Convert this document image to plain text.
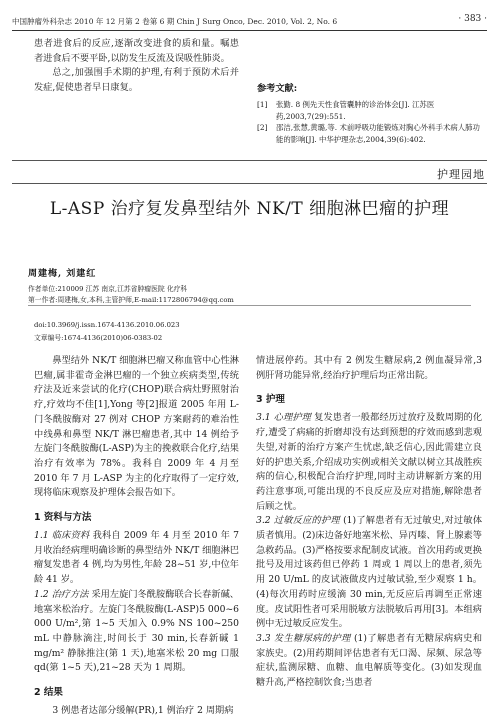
中国肿瘤外科杂志 2010 年 12 月第 2 卷第 6 期 Chin J Surg Onco, Dec. 2010, Vol. 2, No. 6	· 383 ·

患者进食后的反应,逐渐改变进食的质和量。嘱患者进食后不要平卧,以防发生反流及误吸性肺炎。

总之,加强围手术期的护理,有利于预防术后并发症,促使患者早日康复。	参考文献:
[1]	张勤. 8 例先天性食管囊肿的诊治体会[J]. 江苏医药,2003,7(29):551.
[2]	邵洁,张慧,黄璐,等. 术前呼吸功能锻炼对胸心外科手术病人肺功能的影响[J]. 中华护理杂志,2004,39(6):402.
护理园地
L-ASP 治疗复发鼻型结外 NK/T 细胞淋巴瘤的护理
周建梅, 刘建红
作者单位:210009 江苏 南京,江苏省肿瘤医院 化疗科
第一作者:周建梅,女,本科,主管护师,E-mail:1172806794@qq.com
doi:10.3969/j.issn.1674-4136.2010.06.023
文章编号:1674-4136(2010)06-0383-02

鼻型结外 NK/T 细胞淋巴瘤又称血管中心性淋巴瘤,属非霍奇金淋巴瘤的一个独立疾病类型,传统疗法及近来尝试的化疗(CHOP)联合病灶野照射治疗,疗效均不佳[1],Yong 等[2]报道 2005 年用 L-门冬酰胺酶对 27 例对 CHOP 方案耐药的难治性中线鼻和鼻型 NK/T 淋巴瘤患者,其中 14 例给予左旋门冬酰胺酶(L-ASP)为主的挽救联合化疗,结果治疗有效率为 78%。我科自 2009 年 4 月至 2010 年 7 月 L-ASP 为主的化疗取得了一定疗效,现将临床观察及护理体会报告如下。

1 资料与方法

1.1 临床资料 我科自 2009 年 4 月至 2010 年 7 月收治经病理明确诊断的鼻型结外 NK/T 细胞淋巴瘤复发患者 4 例,均为男性,年龄 28~51 岁,中位年龄 41 岁。

1.2 治疗方法 采用左旋门冬酰胺酶联合长春新碱、地塞米松治疗。左旋门冬酰胺酶(L-ASP)5 000~6 000 U/m²,第 1~5 天加入 0.9% NS 100~250 mL 中静脉滴注,时间长于 30 min,长春新碱 1 mg/m² 静脉推注(第 1 天),地塞米松 20 mg 口服 qd(第 1~5 天),21~28 天为 1 周期。

2 结果

3 例患者达部分缓解(PR),1 例治疗 2 周期病

情进展停药。其中有 2 例发生糖尿病,2 例血凝异常,3 例肝肾功能异常,经治疗护理后均正常出院。

3 护理

3.1 心理护理 复发患者一般都经历过放疗及数周期的化疗,遭受了病痛的折磨却没有达到预想的疗效而感到悲观失望,对新的治疗方案产生忧虑,缺乏信心,因此需建立良好的护患关系,介绍成功实例或相关文献以树立其战胜疾病的信心,积极配合治疗护理,同时主动讲解新方案的用药注意事项,可能出现的不良反应及应对措施,解除患者后顾之忧。

3.2 过敏反应的护理 (1)了解患者有无过敏史,对过敏体质者慎用。(2)床边备好地塞米松、异丙嗪、肾上腺素等急救药品。(3)严格按要求配制皮试液。首次用药或更换批号及用过该药但已停药 1 周或 1 周以上的患者,须先用 20 U/mL 的皮试液做皮内过敏试验,至少观察 1 h。(4)每次用药时应缓滴 30 min,无反应后再调至正常速度。皮试阳性者可采用脱敏方法脱敏后再用[3]。本组病例中无过敏反应发生。

3.3 发生糖尿病的护理 (1)了解患者有无糖尿病病史和家族史。(2)用药期间评估患者有无口渴、尿频、尿急等症状,监测尿糖、血糖、血电解质等变化。(3)如发现血糖升高,严格控制饮食;当患者
